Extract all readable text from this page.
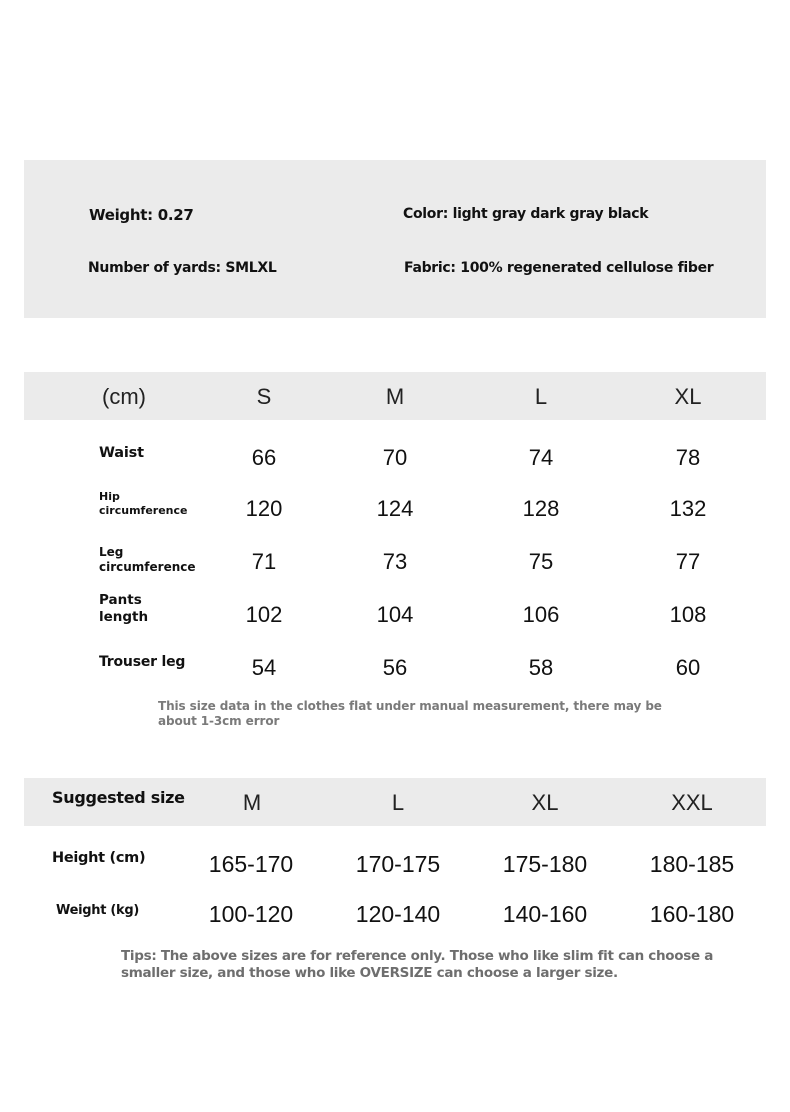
Weight: 0.27	Color: light gray dark gray black
Number of yards: SMLXL	Fabric: 100% regenerated cellulose fiber
(cm)	S	M	L	XL
Waist	66	70	74	78
Hip
circumference	120	124	128	132
Leg
circumference	71	73	75	77
Pants
length	102	104	106	108
Trouser leg	54	56	58	60
This size data in the clothes flat under manual measurement, there may be
about 1-3cm error
Suggested size	M	L	XL	XXL
Height (cm)	165-170	170-175	175-180	180-185
Weight (kg)	100-120	120-140	140-160	160-180
Tips: The above sizes are for reference only. Those who like slim fit can choose a
smaller size, and those who like OVERSIZE can choose a larger size.
